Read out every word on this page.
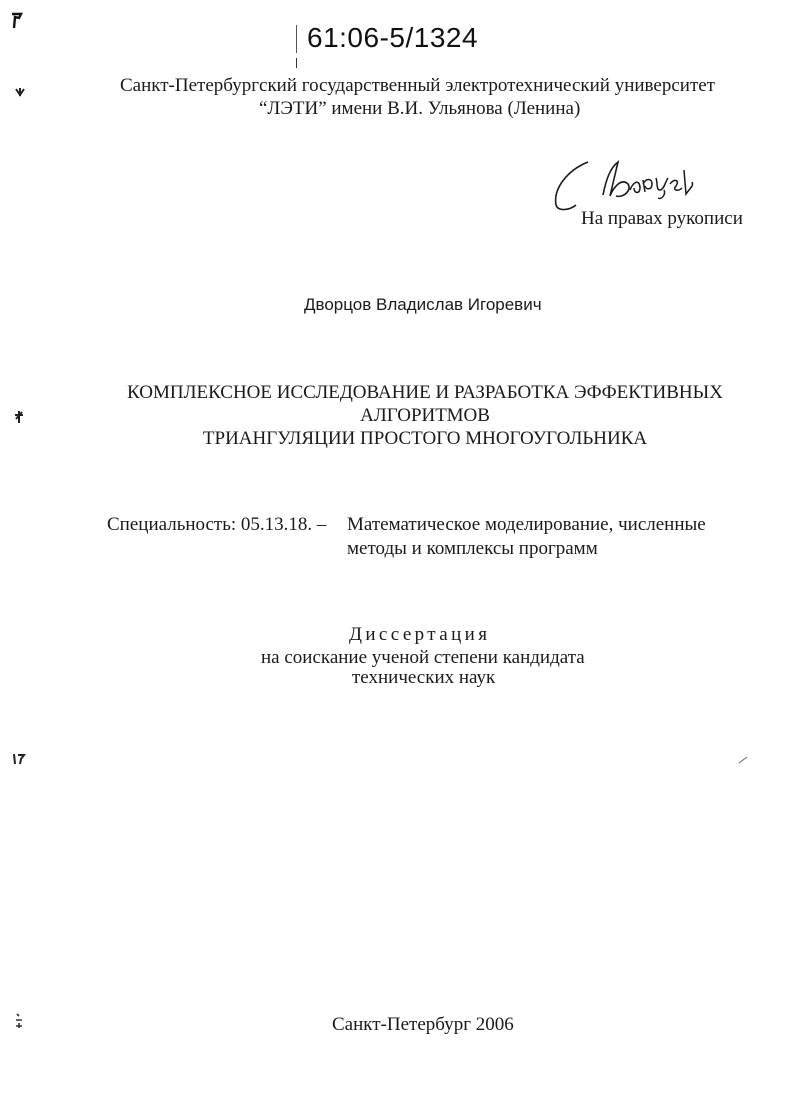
61:06-5/1324
Санкт-Петербургский государственный электротехнический университет
“ЛЭТИ” имени В.И. Ульянова (Ленина)
На правах рукописи
Дворцов Владислав Игоревич
КОМПЛЕКСНОЕ ИССЛЕДОВАНИЕ И РАЗРАБОТКА ЭФФЕКТИВНЫХ
АЛГОРИТМОВ
ТРИАНГУЛЯЦИИ ПРОСТОГО МНОГОУГОЛЬНИКА
Специальность: 05.13.18. – Математическое моделирование, численные
методы и комплексы программ
Диссертация
на соискание ученой степени кандидата
технических наук
Санкт-Петербург 2006
